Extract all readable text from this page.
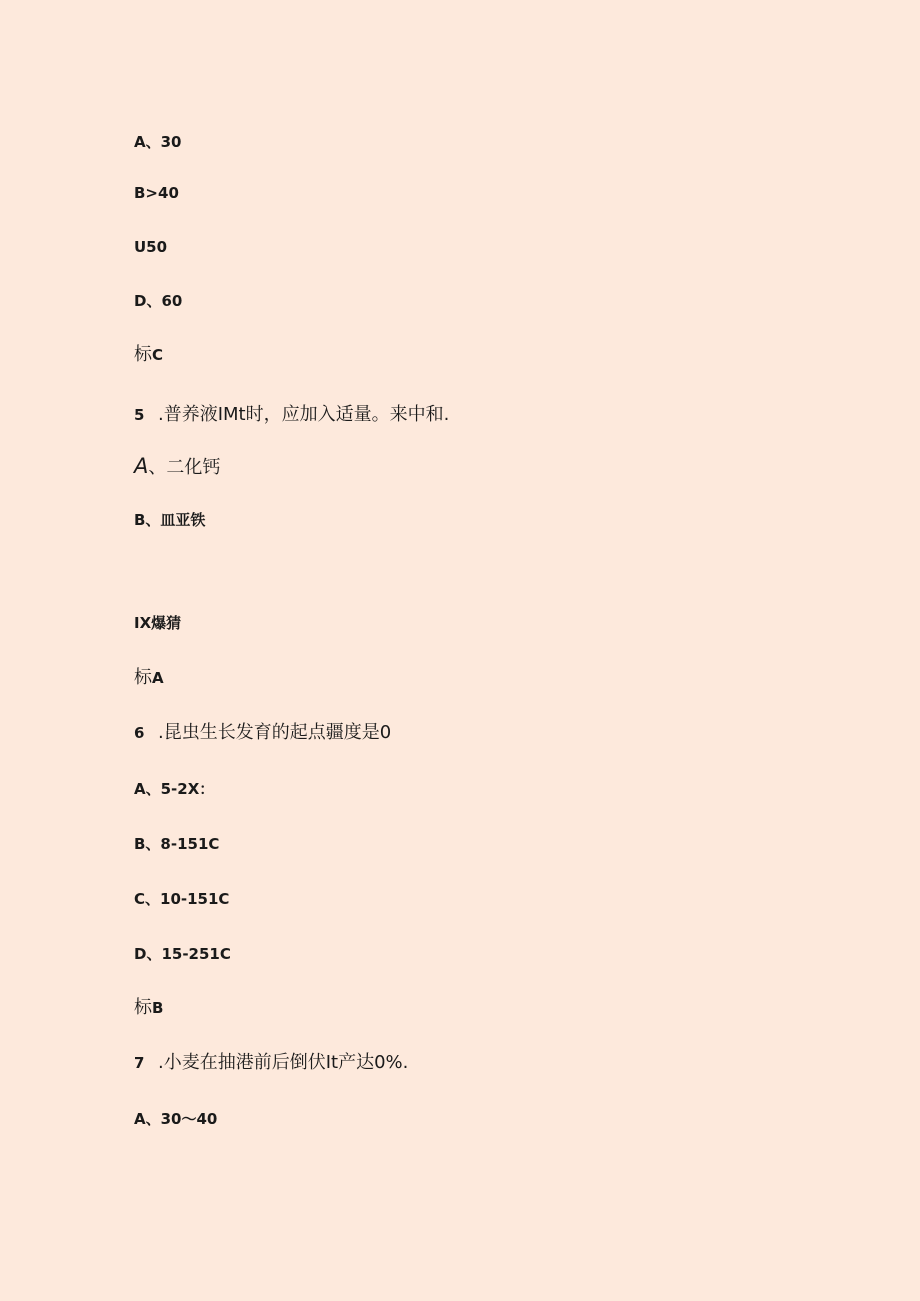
A、30
B>40
U50
D、60
标C
5 .普养液IMt时，应加入适量。来中和.
A、二化钙
B、皿亚铁
IX爆猜
标A
6 .昆虫生长发育的起点疆度是0
A、5-2X：
B、8-151C
C、10-151C
D、15-251C
标B
7 .小麦在抽港前后倒伏It产达0%.
A、30〜40
